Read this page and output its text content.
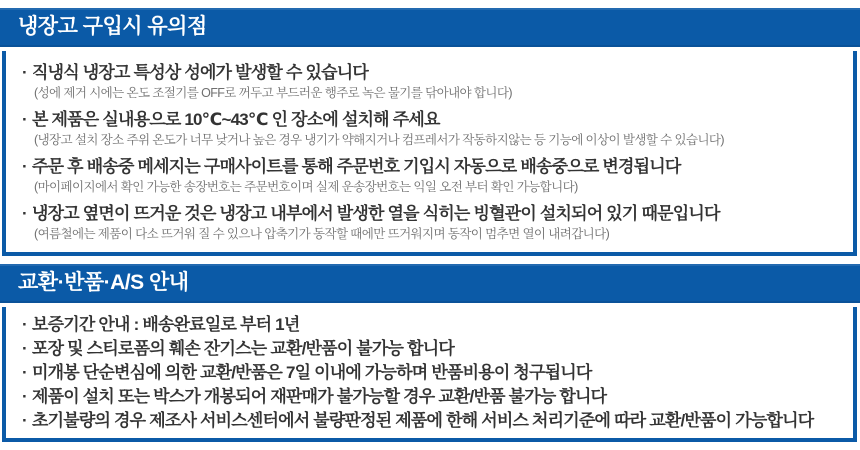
냉장고 구입시 유의점
· 직냉식 냉장고 특성상 성에가 발생할 수 있습니다
(성에 제거 시에는 온도 조절기를 OFF로 꺼두고 부드러운 행주로 녹은 물기를 닦아내야 합니다)
· 본 제품은 실내용으로 10℃~43℃ 인 장소에 설치해 주세요
(냉장고 설치 장소 주위 온도가 너무 낮거나 높은 경우 냉기가 약해지거나 컴프레서가 작동하지않는 등 기능에 이상이 발생할 수 있습니다)
· 주문 후 배송중 메세지는 구매사이트를 통해 주문번호 기입시 자동으로 배송중으로 변경됩니다
(마이페이지에서 확인 가능한 송장번호는 주문번호이며 실제 운송장번호는 익일 오전 부터 확인 가능합니다)
· 냉장고 옆면이 뜨거운 것은 냉장고 내부에서 발생한 열을 식히는 빙혈관이 설치되어 있기 때문입니다
(여름철에는 제품이 다소 뜨거워 질 수 있으나 압축기가 동작할 때에만 뜨거워지며 동작이 멈추면 열이 내려갑니다)
교환·반품·A/S 안내
· 보증기간 안내 : 배송완료일로 부터 1년
· 포장 및 스티로폼의 훼손 잔기스는 교환/반품이 불가능 합니다
· 미개봉 단순변심에 의한 교환/반품은 7일 이내에 가능하며 반품비용이 청구됩니다
· 제품이 설치 또는 박스가 개봉되어 재판매가 불가능할 경우 교환/반품 불가능 합니다
· 초기불량의 경우 제조사 서비스센터에서 불량판정된 제품에 한해 서비스 처리기준에 따라 교환/반품이 가능합니다
